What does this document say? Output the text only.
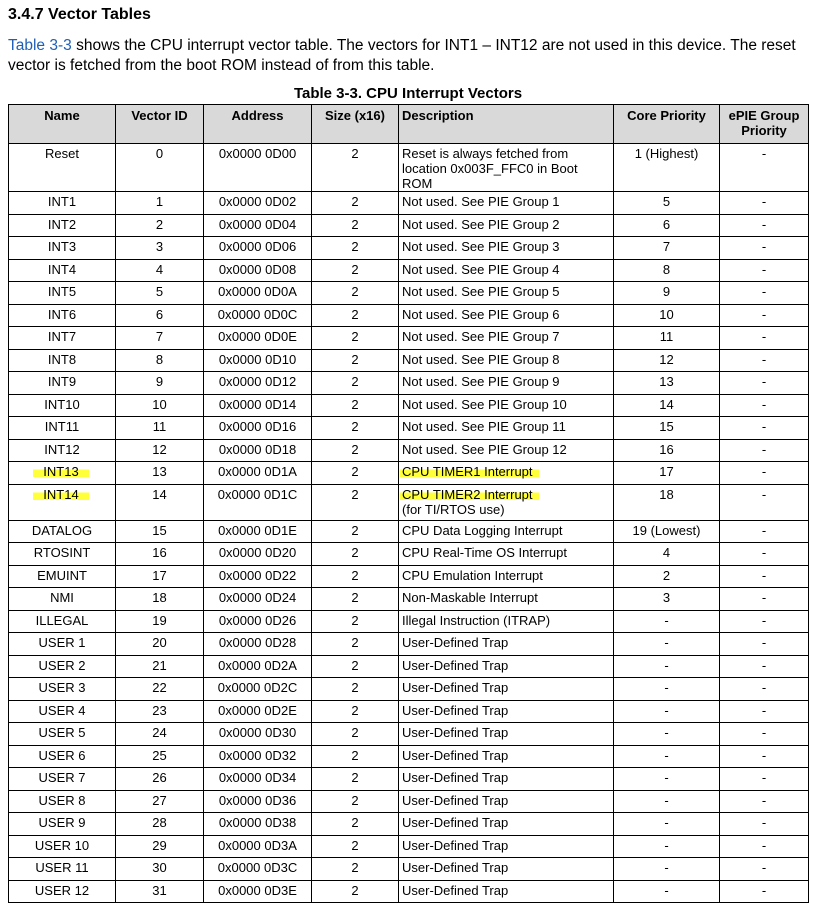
3.4.7 Vector Tables

Table 3-3 shows the CPU interrupt vector table. The vectors for INT1 – INT12 are not used in this device. The reset vector is fetched from the boot ROM instead of from this table.

Table 3-3. CPU Interrupt Vectors
Name	Vector ID	Address	Size (x16)	Description	Core Priority	ePIE Group Priority
Reset	0	0x0000 0D00	2	Reset is always fetched from
location 0x003F_FFC0 in Boot ROM	1 (Highest)	-
INT1	1	0x0000 0D02	2	Not used. See PIE Group 1	5	-
INT2	2	0x0000 0D04	2	Not used. See PIE Group 2	6	-
INT3	3	0x0000 0D06	2	Not used. See PIE Group 3	7	-
INT4	4	0x0000 0D08	2	Not used. See PIE Group 4	8	-
INT5	5	0x0000 0D0A	2	Not used. See PIE Group 5	9	-
INT6	6	0x0000 0D0C	2	Not used. See PIE Group 6	10	-
INT7	7	0x0000 0D0E	2	Not used. See PIE Group 7	11	-
INT8	8	0x0000 0D10	2	Not used. See PIE Group 8	12	-
INT9	9	0x0000 0D12	2	Not used. See PIE Group 9	13	-
INT10	10	0x0000 0D14	2	Not used. See PIE Group 10	14	-
INT11	11	0x0000 0D16	2	Not used. See PIE Group 11	15	-
INT12	12	0x0000 0D18	2	Not used. See PIE Group 12	16	-
INT13	13	0x0000 0D1A	2	CPU TIMER1 Interrupt	17	-
INT14	14	0x0000 0D1C	2	CPU TIMER2 Interrupt
(for TI/RTOS use)	18	-
DATALOG	15	0x0000 0D1E	2	CPU Data Logging Interrupt	19 (Lowest)	-
RTOSINT	16	0x0000 0D20	2	CPU Real-Time OS Interrupt	4	-
EMUINT	17	0x0000 0D22	2	CPU Emulation Interrupt	2	-
NMI	18	0x0000 0D24	2	Non-Maskable Interrupt	3	-
ILLEGAL	19	0x0000 0D26	2	Illegal Instruction (ITRAP)	-	-
USER 1	20	0x0000 0D28	2	User-Defined Trap	-	-
USER 2	21	0x0000 0D2A	2	User-Defined Trap	-	-
USER 3	22	0x0000 0D2C	2	User-Defined Trap	-	-
USER 4	23	0x0000 0D2E	2	User-Defined Trap	-	-
USER 5	24	0x0000 0D30	2	User-Defined Trap	-	-
USER 6	25	0x0000 0D32	2	User-Defined Trap	-	-
USER 7	26	0x0000 0D34	2	User-Defined Trap	-	-
USER 8	27	0x0000 0D36	2	User-Defined Trap	-	-
USER 9	28	0x0000 0D38	2	User-Defined Trap	-	-
USER 10	29	0x0000 0D3A	2	User-Defined Trap	-	-
USER 11	30	0x0000 0D3C	2	User-Defined Trap	-	-
USER 12	31	0x0000 0D3E	2	User-Defined Trap	-	-
